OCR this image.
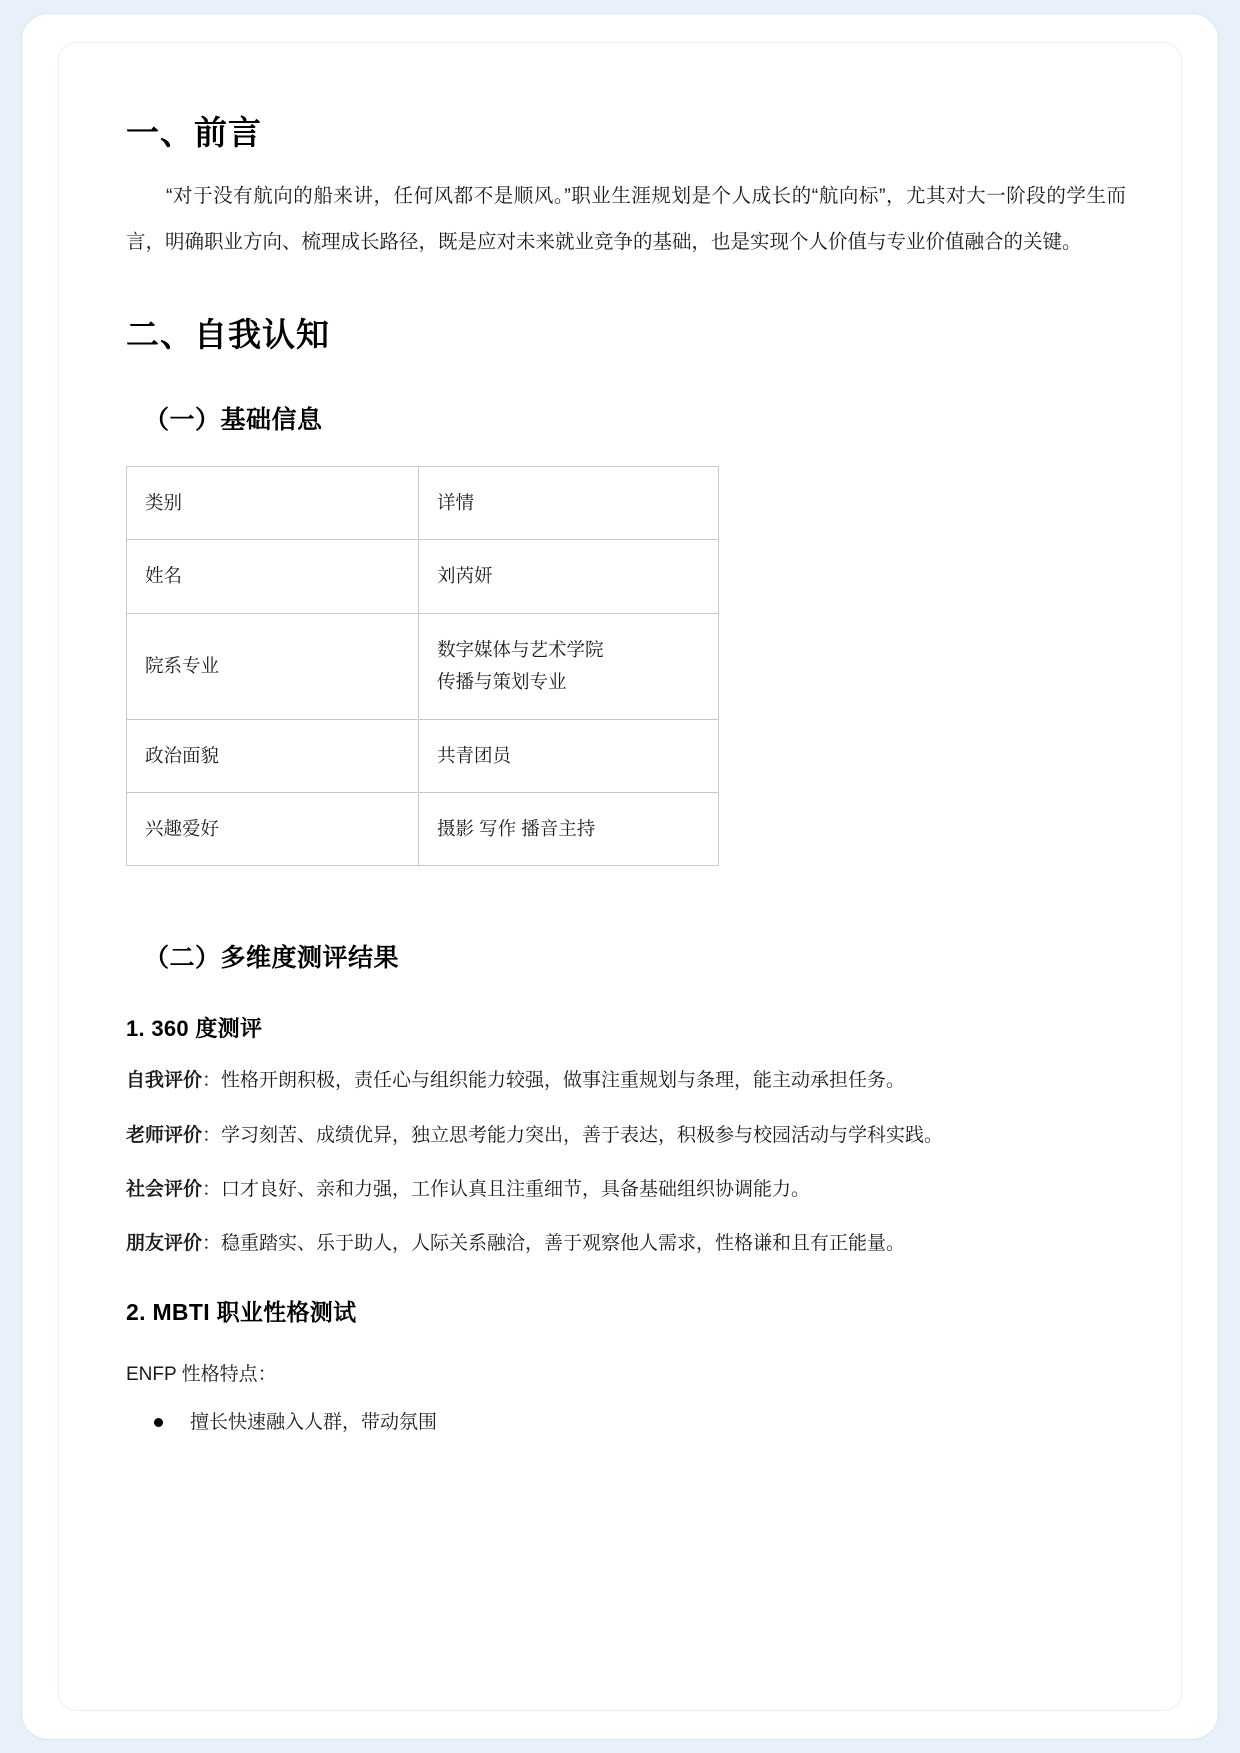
一、前言

“对于没有航向的船来讲，任何风都不是顺风。”职业生涯规划是个人成长的“航向标”，尤其对大一阶段的学生而言，明确职业方向、梳理成长路径，既是应对未来就业竞争的基础，也是实现个人价值与专业价值融合的关键。

二、自我认知
（一）基础信息
类别	详情
姓名	刘芮妍
院系专业	数字媒体与艺术学院
传播与策划专业

政治面貌	共青团员
兴趣爱好	摄影 写作 播音主持
（二）多维度测评结果
1. 360 度测评

自我评价：性格开朗积极，责任心与组织能力较强，做事注重规划与条理，能主动承担任务。

老师评价：学习刻苦、成绩优异，独立思考能力突出，善于表达，积极参与校园活动与学科实践。

社会评价：口才良好、亲和力强，工作认真且注重细节，具备基础组织协调能力。

朋友评价：稳重踏实、乐于助人，人际关系融洽，善于观察他人需求，性格谦和且有正能量。

2. MBTI 职业性格测试

ENFP 性格特点：

擅长快速融入人群，带动氛围
